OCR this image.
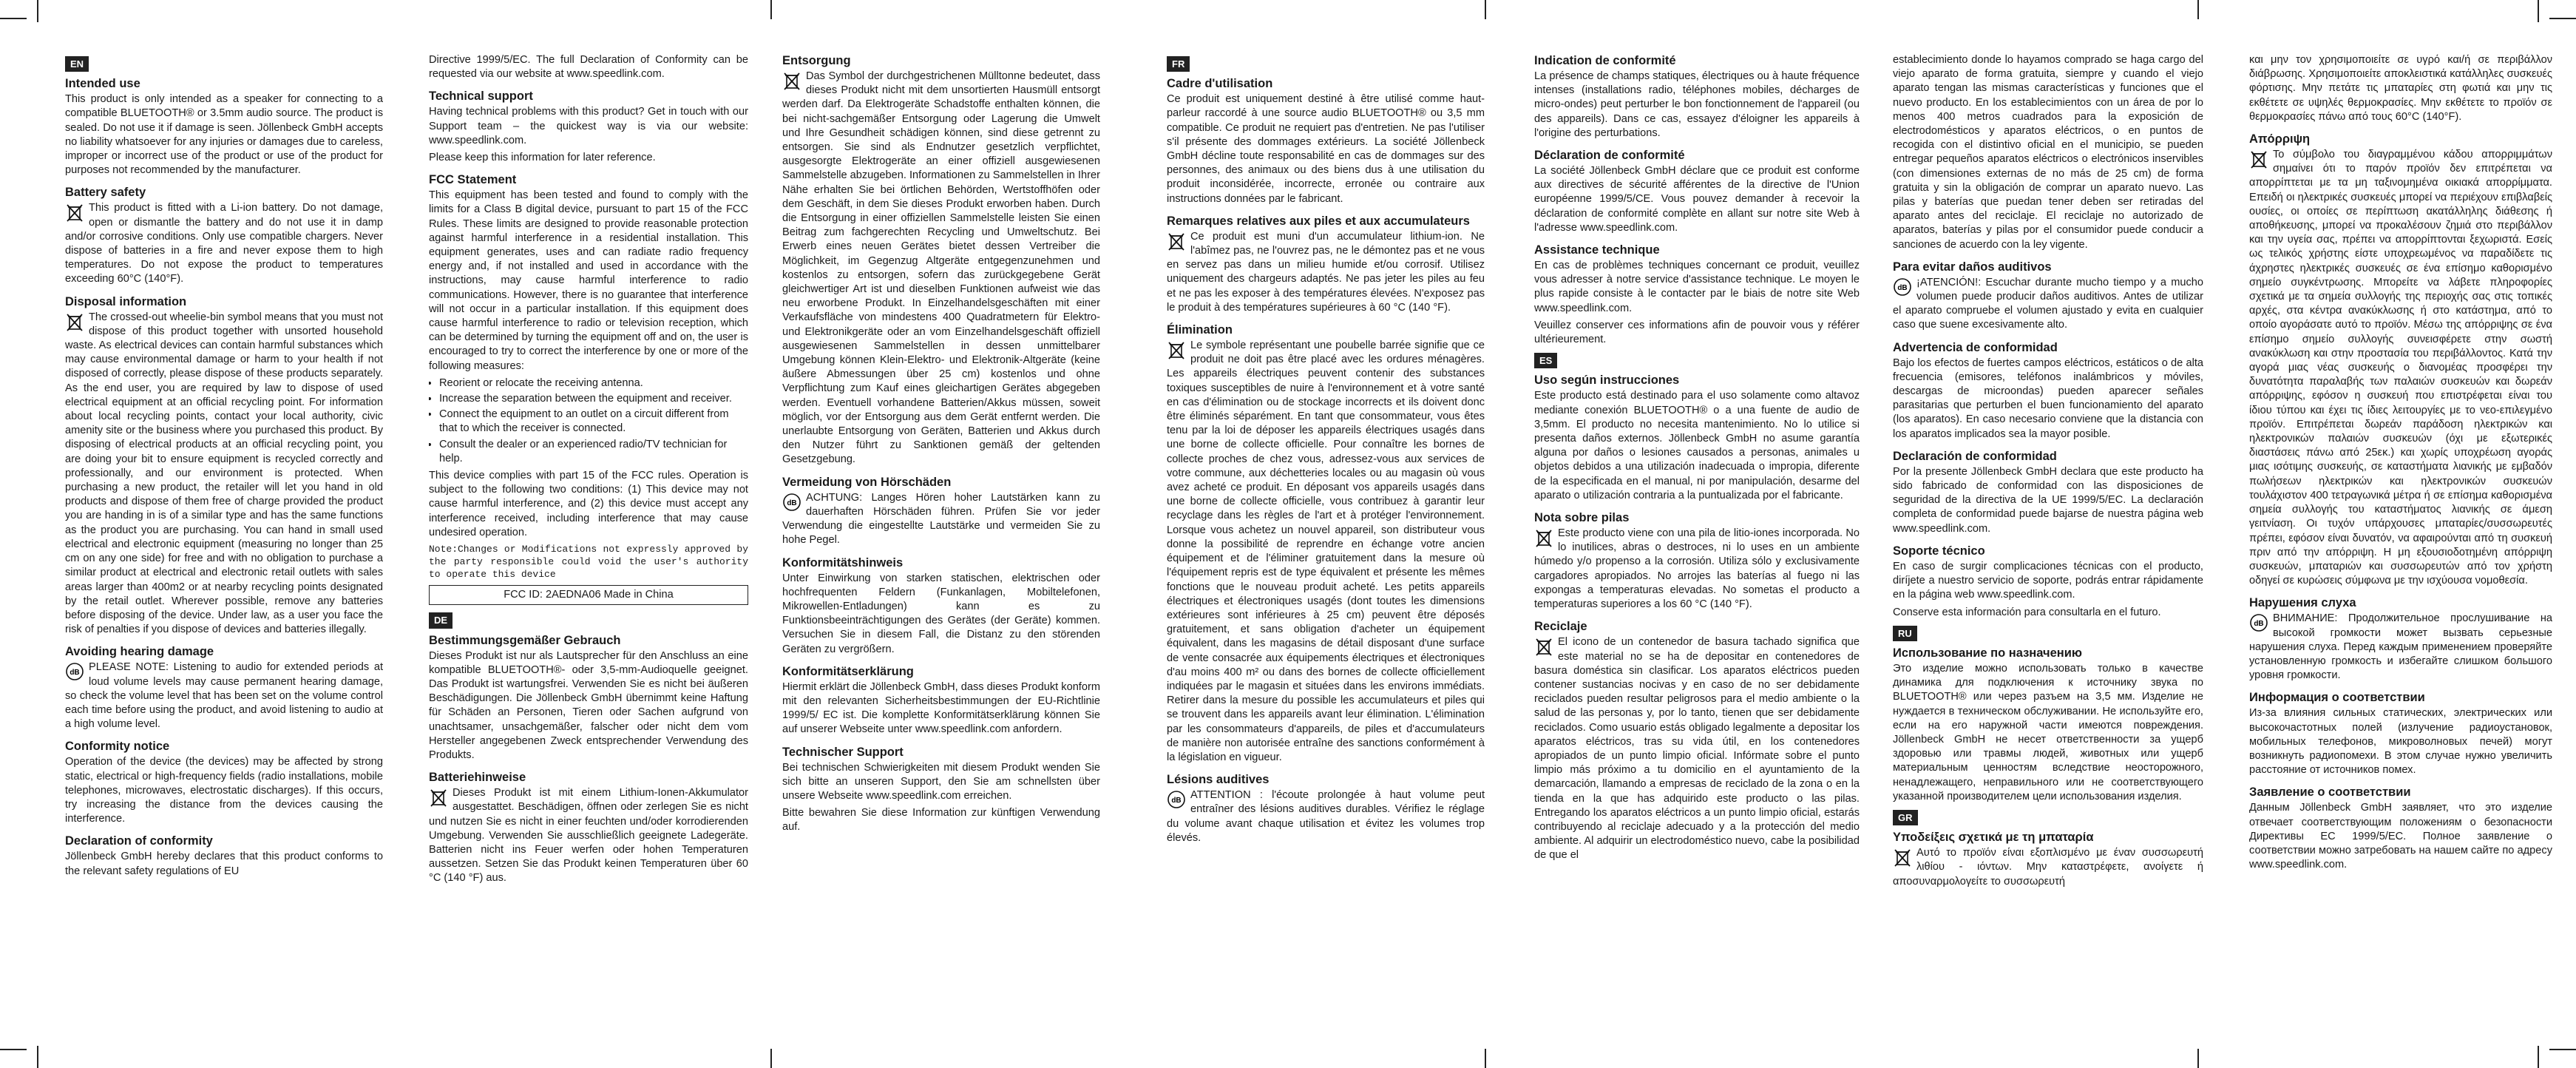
EN
Intended use

This product is only intended as a speaker for connecting to a compatible BLUETOOTH® or 3.5mm audio source. The product is sealed. Do not use it if damage is seen. Jöllenbeck GmbH accepts no liability whatsoever for any injuries or damages due to careless, improper or incorrect use of the product or use of the product for purposes not recommended by the manufacturer.

Battery safety

This product is fitted with a Li-ion battery. Do not damage, open or dismantle the battery and do not use it in damp and/or corrosive conditions. Only use compatible chargers. Never dispose of batteries in a fire and never expose them to high temperatures. Do not expose the product to temperatures exceeding 60°C (140°F).

Disposal information

The crossed-out wheelie-bin symbol means that you must not dispose of this product together with unsorted household waste. As electrical devices can contain harmful substances which may cause environmental damage or harm to your health if not disposed of correctly, please dispose of these products separately. As the end user, you are required by law to dispose of used electrical equipment at an official recycling point. For information about local recycling points, contact your local authority, civic amenity site or the business where you purchased this product. By disposing of electrical products at an official recycling point, you are doing your bit to ensure equipment is recycled correctly and professionally, and our environment is protected. When purchasing a new product, the retailer will let you hand in old products and dispose of them free of charge provided the product you are handing in is of a similar type and has the same functions as the product you are purchasing. You can hand in small used electrical and electronic equipment (measuring no longer than 25 cm on any one side) for free and with no obligation to purchase a similar product at electrical and electronic retail outlets with sales areas larger than 400m2 or at nearby recycling points designated by the retail outlet. Wherever possible, remove any batteries before disposing of the device. Under law, as a user you face the risk of penalties if you dispose of devices and batteries illegally.

Avoiding hearing damage

dB PLEASE NOTE: Listening to audio for extended periods at loud volume levels may cause permanent hearing damage, so check the volume level that has been set on the volume control each time before using the product, and avoid listening to audio at a high volume level.

Conformity notice

Operation of the device (the devices) may be affected by strong static, electrical or high-frequency fields (radio installations, mobile telephones, microwaves, electrostatic discharges). If this occurs, try increasing the distance from the devices causing the interference.

Declaration of conformity

Jöllenbeck GmbH hereby declares that this product conforms to the relevant safety regulations of EU

Directive 1999/5/EC. The full Declaration of Conformity can be requested via our website at www.speedlink.com.

Technical support

Having technical problems with this product? Get in touch with our Support team – the quickest way is via our website: www.speedlink.com.

Please keep this information for later reference.

FCC Statement

This equipment has been tested and found to comply with the limits for a Class B digital device, pursuant to part 15 of the FCC Rules. These limits are designed to provide reasonable protection against harmful interference in a residential installation. This equipment generates, uses and can radiate radio frequency energy and, if not installed and used in accordance with the instructions, may cause harmful interference to radio communications. However, there is no guarantee that interference will not occur in a particular installation. If this equipment does cause harmful interference to radio or television reception, which can be determined by turning the equipment off and on, the user is encouraged to try to correct the interference by one or more of the following measures:

• Reorient or relocate the receiving antenna.
• Increase the separation between the equipment and receiver.
• Connect the equipment to an outlet on a circuit different from that to which the receiver is connected.
• Consult the dealer or an experienced radio/TV technician for help.

This device complies with part 15 of the FCC rules. Operation is subject to the following two conditions: (1) This device may not cause harmful interference, and (2) this device must accept any interference received, including interference that may cause undesired operation.

Note:Changes or Modifications not expressly approved by the party responsible could void the user's authority to operate this device

FCC ID: 2AEDNA06 Made in China
DE
Bestimmungsgemäßer Gebrauch

Dieses Produkt ist nur als Lautsprecher für den Anschluss an eine kompatible BLUETOOTH®- oder 3,5-mm-Audioquelle geeignet. Das Produkt ist wartungsfrei. Verwenden Sie es nicht bei äußeren Beschädigungen. Die Jöllenbeck GmbH übernimmt keine Haftung für Schäden an Personen, Tieren oder Sachen aufgrund von unachtsamer, unsachgemäßer, falscher oder nicht dem vom Hersteller angegebenen Zweck entsprechender Verwendung des Produkts.

Batteriehinweise

Dieses Produkt ist mit einem Lithium-Ionen-Akkumulator ausgestattet. Beschädigen, öffnen oder zerlegen Sie es nicht und nutzen Sie es nicht in einer feuchten und/oder korrodierenden Umgebung. Verwenden Sie ausschließlich geeignete Ladegeräte. Batterien nicht ins Feuer werfen oder hohen Temperaturen aussetzen. Setzen Sie das Produkt keinen Temperaturen über 60 °C (140 °F) aus.

Entsorgung

Das Symbol der durchgestrichenen Mülltonne bedeutet, dass dieses Produkt nicht mit dem unsortierten Hausmüll entsorgt werden darf. Da Elektrogeräte Schadstoffe enthalten können, die bei nicht-sachgemäßer Entsorgung oder Lagerung die Umwelt und Ihre Gesundheit schädigen können, sind diese getrennt zu entsorgen. Sie sind als Endnutzer gesetzlich verpflichtet, ausgesorgte Elektrogeräte an einer offiziell ausgewiesenen Sammelstelle abzugeben. Informationen zu Sammelstellen in Ihrer Nähe erhalten Sie bei örtlichen Behörden, Wertstoffhöfen oder dem Geschäft, in dem Sie dieses Produkt erworben haben. Durch die Entsorgung in einer offiziellen Sammelstelle leisten Sie einen Beitrag zum fachgerechten Recycling und Umweltschutz. Bei Erwerb eines neuen Gerätes bietet dessen Vertreiber die Möglichkeit, im Gegenzug Altgeräte entgegenzunehmen und kostenlos zu entsorgen, sofern das zurückgegebene Gerät gleichwertiger Art ist und dieselben Funktionen aufweist wie das neu erworbene Produkt. In Einzelhandelsgeschäften mit einer Verkaufsfläche von mindestens 400 Quadratmetern für Elektro- und Elektronikgeräte oder an vom Einzelhandelsgeschäft offiziell ausgewiesenen Sammelstellen in dessen unmittelbarer Umgebung können Klein-Elektro- und Elektronik-Altgeräte (keine äußere Abmessungen über 25 cm) kostenlos und ohne Verpflichtung zum Kauf eines gleichartigen Gerätes abgegeben werden. Eventuell vorhandene Batterien/Akkus müssen, soweit möglich, vor der Entsorgung aus dem Gerät entfernt werden. Die unerlaubte Entsorgung von Geräten, Batterien und Akkus durch den Nutzer führt zu Sanktionen gemäß der geltenden Gesetzgebung.

Vermeidung von Hörschäden

dB ACHTUNG: Langes Hören hoher Lautstärken kann zu dauerhaften Hörschäden führen. Prüfen Sie vor jeder Verwendung die eingestellte Lautstärke und vermeiden Sie zu hohe Pegel.

Konformitätshinweis

Unter Einwirkung von starken statischen, elektrischen oder hochfrequenten Feldern (Funkanlagen, Mobiltelefonen, Mikrowellen-Entladungen) kann es zu Funktionsbeeinträchtigungen des Gerätes (der Geräte) kommen. Versuchen Sie in diesem Fall, die Distanz zu den störenden Geräten zu vergrößern.

Konformitätserklärung

Hiermit erklärt die Jöllenbeck GmbH, dass dieses Produkt konform mit den relevanten Sicherheitsbestimmungen der EU-Richtlinie 1999/5/ EC ist. Die komplette Konformitätserklärung können Sie auf unserer Webseite unter www.speedlink.com anfordern.

Technischer Support

Bei technischen Schwierigkeiten mit diesem Produkt wenden Sie sich bitte an unseren Support, den Sie am schnellsten über unsere Webseite www.speedlink.com erreichen.

Bitte bewahren Sie diese Information zur künftigen Verwendung auf.

FR
Cadre d'utilisation

Ce produit est uniquement destiné à être utilisé comme haut-parleur raccordé à une source audio BLUETOOTH® ou 3,5 mm compatible. Ce produit ne requiert pas d'entretien. Ne pas l'utiliser s'il présente des dommages extérieurs. La société Jöllenbeck GmbH décline toute responsabilité en cas de dommages sur des personnes, des animaux ou des biens dus à une utilisation du produit inconsidérée, incorrecte, erronée ou contraire aux instructions données par le fabricant.

Remarques relatives aux piles et aux accumulateurs

Ce produit est muni d'un accumulateur lithium-ion. Ne l'abîmez pas, ne l'ouvrez pas, ne le démontez pas et ne vous en servez pas dans un milieu humide et/ou corrosif. Utilisez uniquement des chargeurs adaptés. Ne pas jeter les piles au feu et ne pas les exposer à des températures élevées. N'exposez pas le produit à des températures supérieures à 60 °C (140 °F).

Élimination

Le symbole représentant une poubelle barrée signifie que ce produit ne doit pas être placé avec les ordures ménagères. Les appareils électriques peuvent contenir des substances toxiques susceptibles de nuire à l'environnement et à votre santé en cas d'élimination ou de stockage incorrects et ils doivent donc être éliminés séparément. En tant que consommateur, vous êtes tenu par la loi de déposer les appareils électriques usagés dans une borne de collecte officielle. Pour connaître les bornes de collecte proches de chez vous, adressez-vous aux services de votre commune, aux déchetteries locales ou au magasin où vous avez acheté ce produit. En déposant vos appareils usagés dans une borne de collecte officielle, vous contribuez à garantir leur recyclage dans les règles de l'art et à protéger l'environnement. Lorsque vous achetez un nouvel appareil, son distributeur vous donne la possibilité de reprendre en échange votre ancien équipement et de l'éliminer gratuitement dans la mesure où l'équipement repris est de type équivalent et présente les mêmes fonctions que le nouveau produit acheté. Les petits appareils électriques et électroniques usagés (dont toutes les dimensions extérieures sont inférieures à 25 cm) peuvent être déposés gratuitement, et sans obligation d'acheter un équipement équivalent, dans les magasins de détail disposant d'une surface de vente consacrée aux équipements électriques et électroniques d'au moins 400 m² ou dans des bornes de collecte officiellement indiquées par le magasin et situées dans les environs immédiats. Retirer dans la mesure du possible les accumulateurs et piles qui se trouvent dans les appareils avant leur élimination. L'élimination par les consommateurs d'appareils, de piles et d'accumulateurs de manière non autorisée entraîne des sanctions conformément à la législation en vigueur.

Lésions auditives

dB ATTENTION : l'écoute prolongée à haut volume peut entraîner des lésions auditives durables. Vérifiez le réglage du volume avant chaque utilisation et évitez les volumes trop élevés.

Indication de conformité

La présence de champs statiques, électriques ou à haute fréquence intenses (installations radio, téléphones mobiles, décharges de micro-ondes) peut perturber le bon fonctionnement de l'appareil (ou des appareils). Dans ce cas, essayez d'éloigner les appareils à l'origine des perturbations.

Déclaration de conformité

La société Jöllenbeck GmbH déclare que ce produit est conforme aux directives de sécurité afférentes de la directive de l'Union européenne 1999/5/CE. Vous pouvez demander à recevoir la déclaration de conformité complète en allant sur notre site Web à l'adresse www.speedlink.com.

Assistance technique

En cas de problèmes techniques concernant ce produit, veuillez vous adresser à notre service d'assistance technique. Le moyen le plus rapide consiste à le contacter par le biais de notre site Web www.speedlink.com.

Veuillez conserver ces informations afin de pouvoir vous y référer ultérieurement.

ES
Uso según instrucciones

Este producto está destinado para el uso solamente como altavoz mediante conexión BLUETOOTH® o a una fuente de audio de 3,5mm. El producto no necesita mantenimiento. No lo utilice si presenta daños externos. Jöllenbeck GmbH no asume garantía alguna por daños o lesiones causados a personas, animales u objetos debidos a una utilización inadecuada o impropia, diferente de la especificada en el manual, ni por manipulación, desarme del aparato o utilización contraria a la puntualizada por el fabricante.

Nota sobre pilas

Este producto viene con una pila de litio-iones incorporada. No lo inutilices, abras o destroces, ni lo uses en un ambiente húmedo y/o propenso a la corrosión. Utiliza sólo y exclusivamente cargadores apropiados. No arrojes las baterías al fuego ni las expongas a temperaturas elevadas. No sometas el producto a temperaturas superiores a los 60 °C (140 °F).

Reciclaje

El icono de un contenedor de basura tachado significa que este material no se ha de depositar en contenedores de basura doméstica sin clasificar. Los aparatos eléctricos pueden contener sustancias nocivas y en caso de no ser debidamente reciclados pueden resultar peligrosos para el medio ambiente o la salud de las personas y, por lo tanto, tienen que ser debidamente reciclados. Como usuario estás obligado legalmente a depositar los aparatos eléctricos, tras su vida útil, en los contenedores apropiados de un punto limpio oficial. Infórmate sobre el punto limpio más próximo a tu domicilio en el ayuntamiento de la demarcación, llamando a empresas de reciclado de la zona o en la tienda en la que has adquirido este producto o las pilas. Entregando los aparatos eléctricos a un punto limpio oficial, estarás contribuyendo al reciclaje adecuado y a la protección del medio ambiente. Al adquirir un electrodoméstico nuevo, cabe la posibilidad de que el

establecimiento donde lo hayamos comprado se haga cargo del viejo aparato de forma gratuita, siempre y cuando el viejo aparato tengan las mismas características y funciones que el nuevo producto. En los establecimientos con un área de por lo menos 400 metros cuadrados para la exposición de electrodomésticos y aparatos eléctricos, o en puntos de recogida con el distintivo oficial en el municipio, se pueden entregar pequeños aparatos eléctricos o electrónicos inservibles (con dimensiones externas de no más de 25 cm) de forma gratuita y sin la obligación de comprar un aparato nuevo. Las pilas y baterías que puedan tener deben ser retiradas del aparato antes del reciclaje. El reciclaje no autorizado de aparatos, baterías y pilas por el consumidor puede conducir a sanciones de acuerdo con la ley vigente.

Para evitar daños auditivos

dB ¡ATENCIÓN!: Escuchar durante mucho tiempo y a mucho volumen puede producir daños auditivos. Antes de utilizar el aparato compruebe el volumen ajustado y evita en cualquier caso que suene excesivamente alto.

Advertencia de conformidad

Bajo los efectos de fuertes campos eléctricos, estáticos o de alta frecuencia (emisores, teléfonos inalámbricos y móviles, descargas de microondas) pueden aparecer señales parasitarias que perturben el buen funcionamiento del aparato (los aparatos). En caso necesario conviene que la distancia con los aparatos implicados sea la mayor posible.

Declaración de conformidad

Por la presente Jöllenbeck GmbH declara que este producto ha sido fabricado de conformidad con las disposiciones de seguridad de la directiva de la UE 1999/5/EC. La declaración completa de conformidad puede bajarse de nuestra página web www.speedlink.com.

Soporte técnico

En caso de surgir complicaciones técnicas con el producto, diríjete a nuestro servicio de soporte, podrás entrar rápidamente en la página web www.speedlink.com.

Conserve esta información para consultarla en el futuro.

RU
Использование по назначению

Это изделие можно использовать только в качестве динамика для подключения к источнику звука по BLUETOOTH® или через разъем на 3,5 мм. Изделие не нуждается в техническом обслуживании. Не используйте его, если на его наружной части имеются повреждения. Jöllenbeck GmbH не несет ответственности за ущерб здоровью или травмы людей, животных или ущерб материальным ценностям вследствие неосторожного, ненадлежащего, неправильного или не соответствующего указанной производителем цели использования изделия.

GR
Υποδείξεις σχετικά με τη μπαταρία

Αυτό το προϊόν είναι εξοπλισμένο με έναν συσσωρευτή λιθίου - ιόντων. Μην καταστρέφετε, ανοίγετε ή αποσυναρμολογείτε το συσσωρευτή

και μην τον χρησιμοποιείτε σε υγρό και/ή σε περιβάλλον διάβρωσης. Χρησιμοποιείτε αποκλειστικά κατάλληλες συσκευές φόρτισης. Μην πετάτε τις μπαταρίες στη φωτιά και μην τις εκθέτετε σε υψηλές θερμοκρασίες. Μην εκθέτετε το προϊόν σε θερμοκρασίες πάνω από τους 60°C (140°F).

Απόρριψη

Το σύμβολο του διαγραμμένου κάδου απορριμμάτων σημαίνει ότι το παρόν προϊόν δεν επιτρέπεται να απορρίπτεται με τα μη ταξινομημένα οικιακά απορρίμματα. Επειδή οι ηλεκτρικές συσκευές μπορεί να περιέχουν επιβλαβείς ουσίες, οι οποίες σε περίπτωση ακατάλληλης διάθεσης ή αποθήκευσης, μπορεί να προκαλέσουν ζημιά στο περιβάλλον και την υγεία σας, πρέπει να απορρίπτονται ξεχωριστά. Εσείς ως τελικός χρήστης είστε υποχρεωμένος να παραδίδετε τις άχρηστες ηλεκτρικές συσκευές σε ένα επίσημο καθορισμένο σημείο συγκέντρωσης. Μπορείτε να λάβετε πληροφορίες σχετικά με τα σημεία συλλογής της περιοχής σας στις τοπικές αρχές, στα κέντρα ανακύκλωσης ή στο κατάστημα, από το οποίο αγοράσατε αυτό το προϊόν. Μέσω της απόρριψης σε ένα επίσημο σημείο συλλογής συνεισφέρετε στην σωστή ανακύκλωση και στην προστασία του περιβάλλοντος. Κατά την αγορά μιας νέας συσκευής ο διανομέας προσφέρει την δυνατότητα παραλαβής των παλαιών συσκευών και δωρεάν απόρριψης, εφόσον η συσκευή που επιστρέφεται είναι του ίδιου τύπου και έχει τις ίδιες λειτουργίες με το νεο-επιλεγμένο προϊόν. Επιτρέπεται δωρεάν παράδοση ηλεκτρικών και ηλεκτρονικών παλαιών συσκευών (όχι με εξωτερικές διαστάσεις πάνω από 25εκ.) και χωρίς υποχρέωση αγοράς μιας ισότιμης συσκευής, σε καταστήματα λιανικής με εμβαδόν πωλήσεων ηλεκτρικών και ηλεκτρονικών συσκευών τουλάχιστον 400 τετραγωνικά μέτρα ή σε επίσημα καθορισμένα σημεία συλλογής του καταστήματος λιανικής σε άμεση γειτνίαση. Οι τυχόν υπάρχουσες μπαταρίες/συσσωρευτές πρέπει, εφόσον είναι δυνατόν, να αφαιρούνται από τη συσκευή πριν από την απόρριψη. Η μη εξουσιοδοτημένη απόρριψη συσκευών, μπαταριών και συσσωρευτών από τον χρήστη οδηγεί σε κυρώσεις σύμφωνα με την ισχύουσα νομοθεσία.

Нарушения слуха

dB ВНИМАНИЕ: Продолжительное прослушивание на высокой громкости может вызвать серьезные нарушения слуха. Перед каждым применением проверяйте установленную громкость и избегайте слишком большого уровня громкости.

Информация о соответствии

Из-за влияния сильных статических, электрических или высокочастотных полей (излучение радиоустановок, мобильных телефонов, микроволновых печей) могут возникнуть радиопомехи. В этом случае нужно увеличить расстояние от источников помех.

Заявление о соответствии

Данным Jöllenbeck GmbH заявляет, что это изделие отвечает соответствующим положениям о безопасности Директивы ЕС 1999/5/EC. Полное заявление о соответствии можно затребовать на нашем сайте по адресу www.speedlink.com.
